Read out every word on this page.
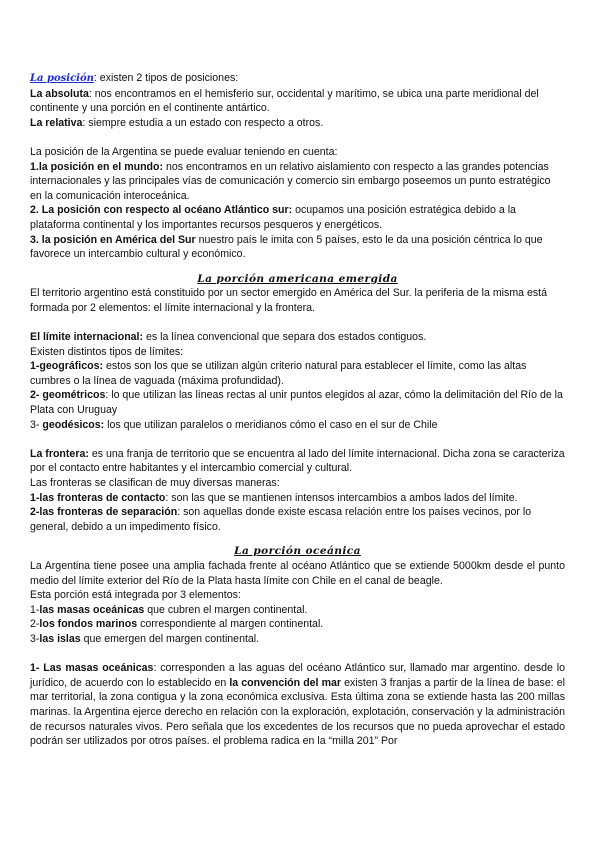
La posición: existen 2 tipos de posiciones:

La absoluta: nos encontramos en el hemisferio sur, occidental y marítimo, se ubica una parte meridional del continente y una porción en el continente antártico.

La relativa: siempre estudia a un estado con respecto a otros.

La posición de la Argentina se puede evaluar teniendo en cuenta:

1.la posición en el mundo: nos encontramos en un relativo aislamiento con respecto a las grandes potencias internacionales y las principales vías de comunicación y comercio sin embargo poseemos un punto estratégico en la comunicación interoceánica.

2. La posición con respecto al océano Atlántico sur: ocupamos una posición estratégica debido a la plataforma continental y los importantes recursos pesqueros y energéticos.

3. la posición en América del Sur nuestro país le imita con 5 países, esto le da una posición céntrica lo que favorece un intercambio cultural y económico.

La porción americana emergida

El territorio argentino está constituido por un sector emergido en América del Sur. la periferia de la misma está formada por 2 elementos: el límite internacional y la frontera.

El límite internacional: es la línea convencional que separa dos estados contiguos.

Existen distintos tipos de límites:

1-geográficos: estos son los que se utilizan algún criterio natural para establecer el límite, como las altas cumbres o la línea de vaguada (máxima profundidad).

2- geométricos: lo que utilizan las líneas rectas al unir puntos elegidos al azar, cómo la delimitación del Río de la Plata con Uruguay

3- geodésicos: los que utilizan paralelos o meridianos cómo el caso en el sur de Chile

La frontera: es una franja de territorio que se encuentra al lado del límite internacional. Dicha zona se caracteriza por el contacto entre habitantes y el intercambio comercial y cultural.

Las fronteras se clasifican de muy diversas maneras:

1-las fronteras de contacto: son las que se mantienen intensos intercambios a ambos lados del límite.

2-las fronteras de separación: son aquellas donde existe escasa relación entre los países vecinos, por lo general, debido a un impedimento físico.

La porción oceánica

La Argentina tiene posee una amplia fachada frente al océano Atlántico que se extiende 5000km desde el punto medio del límite exterior del Río de la Plata hasta límite con Chile en el canal de beagle.

Esta porción está integrada por 3 elementos:

1-las masas oceánicas que cubren el margen continental.

2-los fondos marinos correspondiente al margen continental.

3-las islas que emergen del margen continental.

1- Las masas oceánicas: corresponden a las aguas del océano Atlántico sur, llamado mar argentino. desde lo jurídico, de acuerdo con lo establecido en la convención del mar existen 3 franjas a partir de la línea de base: el mar territorial, la zona contigua y la zona económica exclusiva. Esta última zona se extiende hasta las 200 millas marinas. la Argentina ejerce derecho en relación con la exploración, explotación, conservación y la administración de recursos naturales vivos. Pero señala que los excedentes de los recursos que no pueda aprovechar el estado podrán ser utilizados por otros países. el problema radica en la “milla 201” Por
